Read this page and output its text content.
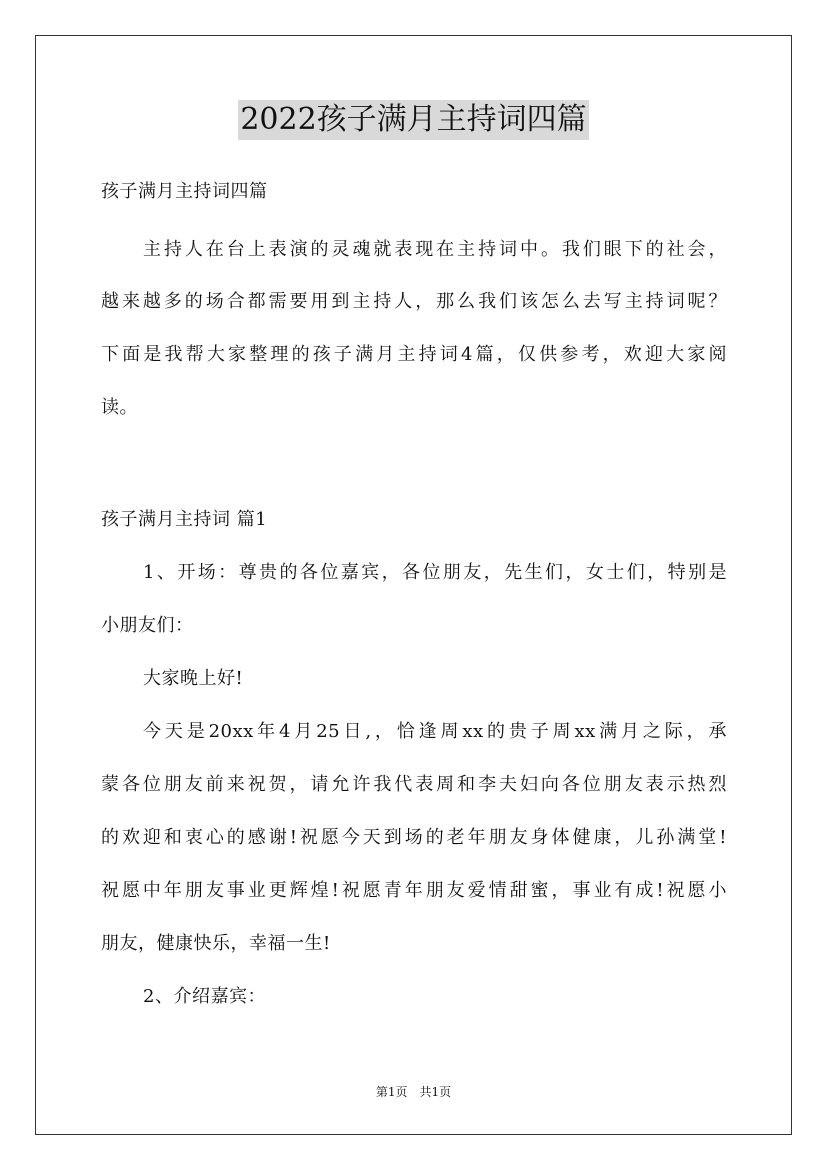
2022孩子满月主持词四篇
孩子满月主持词四篇
主持人在台上表演的灵魂就表现在主持词中。我们眼下的社会，
越来越多的场合都需要用到主持人，那么我们该怎么去写主持词呢？
下面是我帮大家整理的孩子满月主持词4篇，仅供参考，欢迎大家阅
读。
孩子满月主持词 篇1
1、开场：尊贵的各位嘉宾，各位朋友，先生们，女士们，特别是
小朋友们：
大家晚上好!
今天是20xx年4月25日,，恰逢周xx的贵子周xx满月之际，承
蒙各位朋友前来祝贺，请允许我代表周和李夫妇向各位朋友表示热烈
的欢迎和衷心的感谢!祝愿今天到场的老年朋友身体健康，儿孙满堂!
祝愿中年朋友事业更辉煌!祝愿青年朋友爱情甜蜜，事业有成!祝愿小
朋友，健康快乐，幸福一生!
2、介绍嘉宾：
第1页　共1页
